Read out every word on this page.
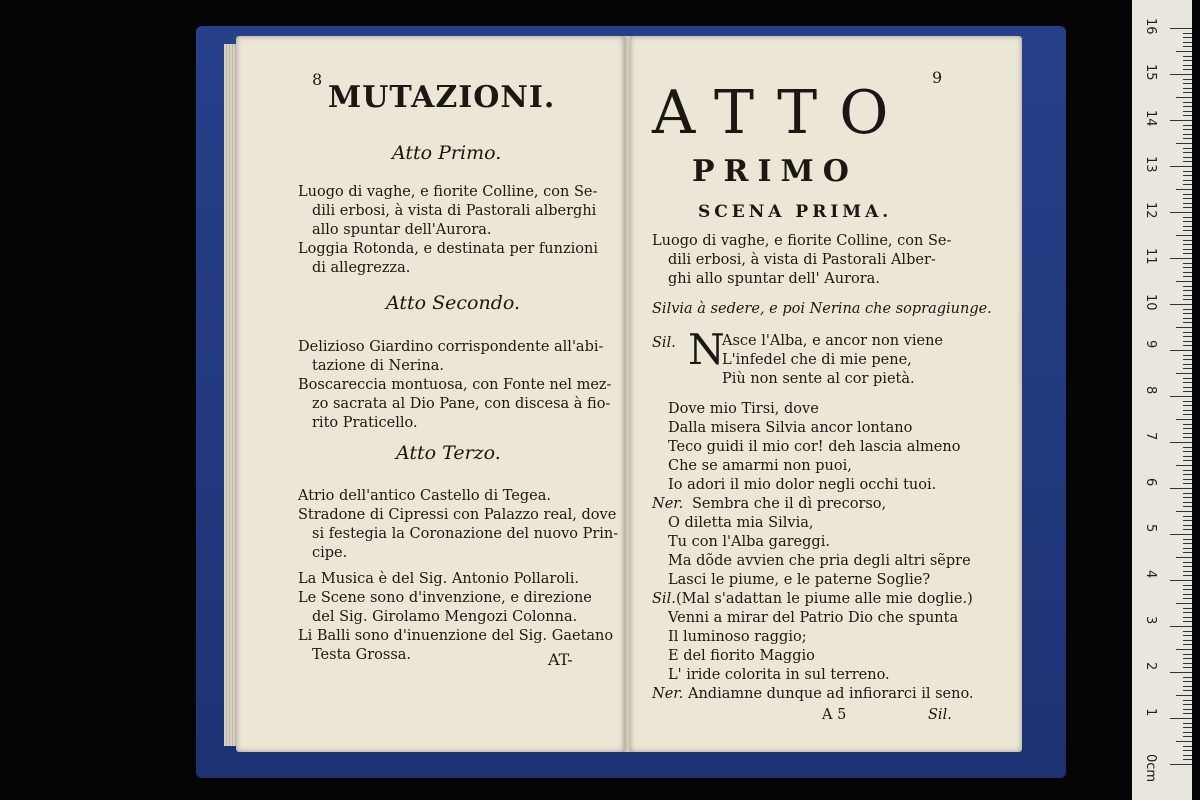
8
MUTAZIONI.
Atto Primo.
Luogo di vaghe, e fiorite Colline, con Se-
dili erbosi, à vista di Pastorali alberghi
allo spuntar dell'Aurora.
Loggia Rotonda, e destinata per funzioni
di allegrezza.
Atto Secondo.
Delizioso Giardino corrispondente all'abi-
tazione di Nerina.
Boscareccia montuosa, con Fonte nel mez-
zo sacrata al Dio Pane, con discesa à fio-
rito Praticello.
Atto Terzo.
Atrio dell'antico Castello di Tegea.
Stradone di Cipressi con Palazzo real, dove
si festegia la Coronazione del nuovo Prin-
cipe.
La Musica è del Sig. Antonio Pollaroli.
Le Scene sono d'invenzione, e direzione
del Sig. Girolamo Mengozi Colonna.
Li Balli sono d'inuenzione del Sig. Gaetano
Testa Grossa.	AT-
9
ATTO
PRIMO
SCENA PRIMA.
Luogo di vaghe, e fiorite Colline, con Se-
dili erbosi, à vista di Pastorali Alber-
ghi allo spuntar dell' Aurora.
Silvia à sedere, e poi Nerina che sopragiunge.
Sil. N
Asce l'Alba, e ancor non viene
L'infedel che di mie pene,
Più non sente al cor pietà.
Dove mio Tirsi, dove
Dalla misera Silvia ancor lontano
Teco guidi il mio cor! deh lascia almeno
Che se amarmi non puoi,
Io adori il mio dolor negli occhi tuoi.
Ner. Sembra che il dì precorso,
O diletta mia Silvia,
Tu con l'Alba gareggi.
Ma dõde avvien che pria degli altri sẽpre
Lasci le piume, e le paterne Soglie?
Sil. (Mal s'adattan le piume alle mie doglie.)
Venni a mirar del Patrio Dio che spunta
Il luminoso raggio;
E del fiorito Maggio
L' iride colorita in sul terreno.
Ner. Andiamne dunque ad infiorarci il seno.
A 5	Sil.
16
15
14
13
12
11
10
9
8
7
6
5
4
3
2
1
0cm
